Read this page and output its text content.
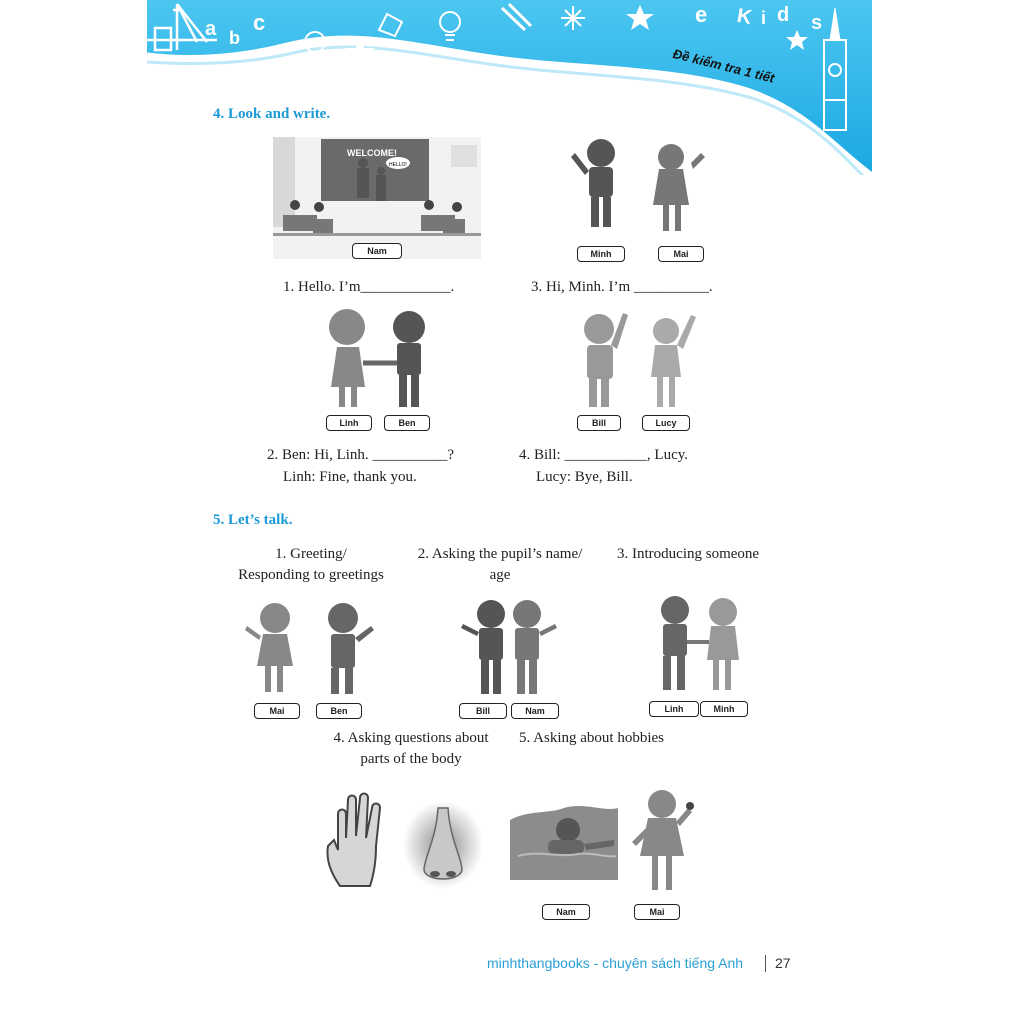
a b
c	e K i d s
Đề kiểm tra 1 tiết
4. Look and write.
WELCOME!
HELLO!
Nam	Minh	Mai
1. Hello. I’m____________.	3. Hi, Minh. I’m __________.
Linh	Ben	Bill	Lucy
2. Ben: Hi, Linh. __________?
Linh: Fine, thank you.
4. Bill: ___________, Lucy.
Lucy: Bye, Bill.
5. Let’s talk.
1. Greeting/
Responding to greetings
2. Asking the pupil’s name/
age
3. Introducing someone
Mai	Ben	Bill	Nam	Linh	Minh
4. Asking questions about
parts of the body
5. Asking about hobbies
Nam	Mai
minhthangbooks - chuyên sách tiếng Anh 27
